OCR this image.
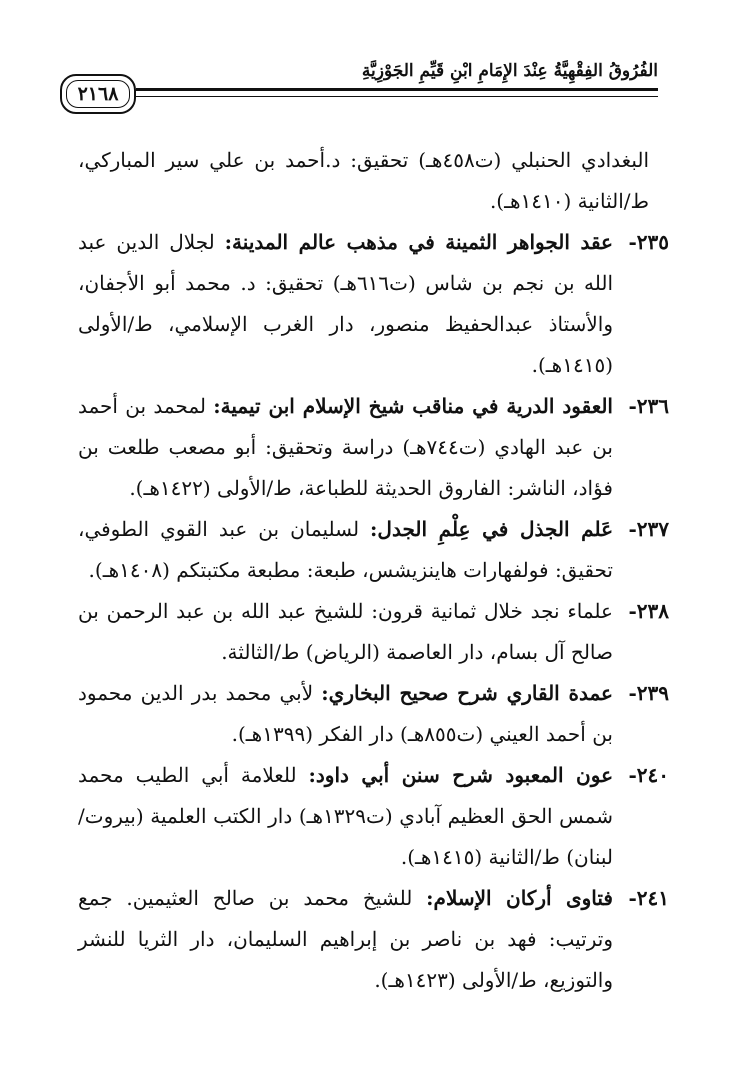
الفُرُوقُ الفِقْهِيَّةُ عِنْدَ الإِمَامِ ابْنِ قَيِّمِ الجَوْزِيَّةِ
٢١٦٨

البغدادي الحنبلي (ت٤٥٨هـ) تحقيق: د.أحمد بن علي سير المباركي، ط/الثانية (١٤١٠هـ).

٢٣٥-
عقد الجواهر الثمينة في مذهب عالم المدينة: لجلال الدين عبد الله بن نجم بن شاس (ت٦١٦هـ) تحقيق: د. محمد أبو الأجفان، والأستاذ عبدالحفيظ منصور، دار الغرب الإسلامي، ط/الأولى (١٤١٥هـ).

٢٣٦-
العقود الدرية في مناقب شيخ الإسلام ابن تيمية: لمحمد بن أحمد بن عبد الهادي (ت٧٤٤هـ) دراسة وتحقيق: أبو مصعب طلعت بن فؤاد، الناشر: الفاروق الحديثة للطباعة، ط/الأولى (١٤٢٢هـ).

٢٣٧-
عَلم الجذل في عِلْمِ الجدل: لسليمان بن عبد القوي الطوفي، تحقيق: فولفهارات هاينزيشس، طبعة: مطبعة مكتبتكم (١٤٠٨هـ).

٢٣٨-
علماء نجد خلال ثمانية قرون: للشيخ عبد الله بن عبد الرحمن بن صالح آل بسام، دار العاصمة (الرياض) ط/الثالثة.

٢٣٩-
عمدة القاري شرح صحيح البخاري: لأبي محمد بدر الدين محمود بن أحمد العيني (ت٨٥٥هـ) دار الفكر (١٣٩٩هـ).

٢٤٠-
عون المعبود شرح سنن أبي داود: للعلامة أبي الطيب محمد شمس الحق العظيم آبادي (ت١٣٢٩هـ) دار الكتب العلمية (بيروت/لبنان) ط/الثانية (١٤١٥هـ).

٢٤١-
فتاوى أركان الإسلام: للشيخ محمد بن صالح العثيمين. جمع وترتيب: فهد بن ناصر بن إبراهيم السليمان، دار الثريا للنشر والتوزيع، ط/الأولى (١٤٢٣هـ).
